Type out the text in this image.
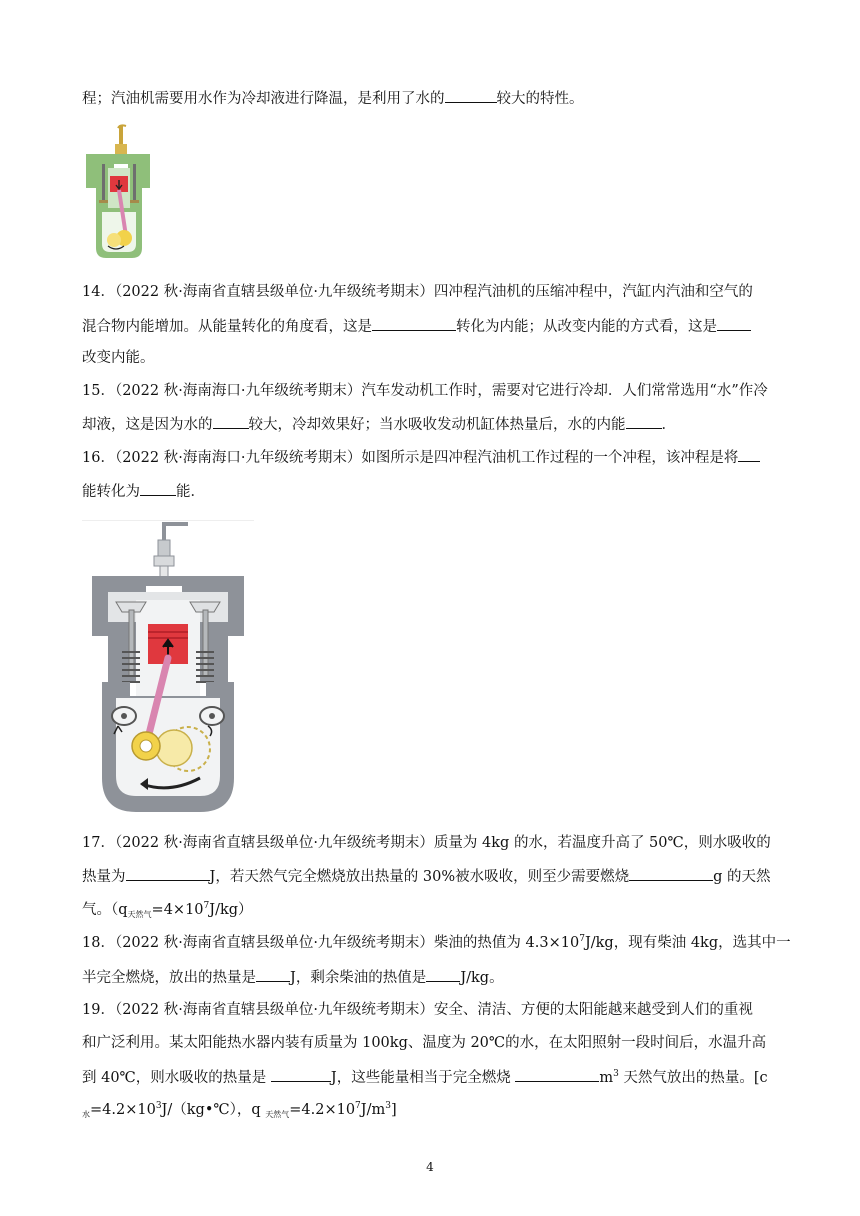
程；汽油机需要用水作为冷却液进行降温，是利用了水的	较大的特性。
14．（2022 秋·海南省直辖县级单位·九年级统考期末）四冲程汽油机的压缩冲程中，汽缸内汽油和空气的
混合物内能增加。从能量转化的角度看，这是	转化为内能；从改变内能的方式看，这是
改变内能。
15．（2022 秋·海南海口·九年级统考期末）汽车发动机工作时，需要对它进行冷却．人们常常选用“水”作冷
却液，这是因为水的 较大，冷却效果好；当水吸收发动机缸体热量后，水的内能 ．
16．（2022 秋·海南海口·九年级统考期末）如图所示是四冲程汽油机工作过程的一个冲程，该冲程是将
能转化为 能．
17．（2022 秋·海南省直辖县级单位·九年级统考期末）质量为 4kg 的水，若温度升高了 50℃，则水吸收的
热量为	J，若天然气完全燃烧放出热量的 30%被水吸收，则至少需要燃烧	g 的天然
气。$(q_{天然气}=4\times 10^7J/kg)$
18．（2022 秋·海南省直辖县级单位·九年级统考期末）柴油的热值为 $4.3\times 10^7J/kg$，现有柴油 4kg，选其中一
半完全燃烧，放出的热量是 J，剩余柴油的热值是 J/kg。
19．（2022 秋·海南省直辖县级单位·九年级统考期末）安全、清洁、方便的太阳能越来越受到人们的重视
和广泛利用。某太阳能热水器内装有质量为 100kg、温度为 20℃的水，在太阳照射一段时间后，水温升高
到 40℃，则水吸收的热量是	J，这些能量相当于完全燃烧	$m^3$ 天然气放出的热量。[c
$_水=4.2\times 10^3J/(kg•℃)$，q $_{天然气}=4.2\times 10^7J/m^3$]
4
